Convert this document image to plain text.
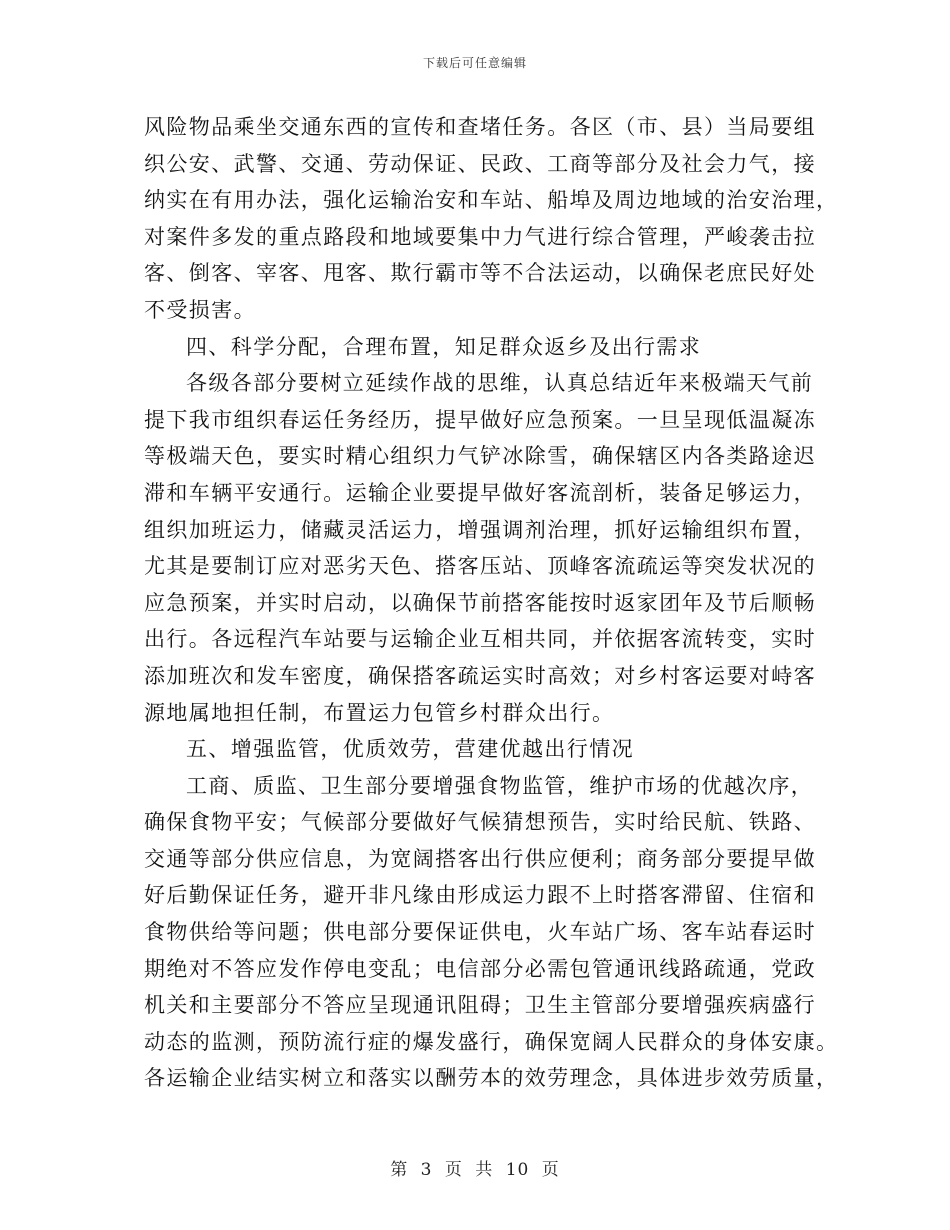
下载后可任意编辑
风险物品乘坐交通东西的宣传和查堵任务。各区（市、县）当局要组
织公安、武警、交通、劳动保证、民政、工商等部分及社会力气，接
纳实在有用办法，强化运输治安和车站、船埠及周边地域的治安治理，
对案件多发的重点路段和地域要集中力气进行综合管理，严峻袭击拉
客、倒客、宰客、甩客、欺行霸市等不合法运动，以确保老庶民好处
不受损害。
四、科学分配，合理布置，知足群众返乡及出行需求
各级各部分要树立延续作战的思维，认真总结近年来极端天气前
提下我市组织春运任务经历，提早做好应急预案。一旦呈现低温凝冻
等极端天色，要实时精心组织力气铲冰除雪，确保辖区内各类路途迟
滞和车辆平安通行。运输企业要提早做好客流剖析，装备足够运力，
组织加班运力，储藏灵活运力，增强调剂治理，抓好运输组织布置，
尤其是要制订应对恶劣天色、搭客压站、顶峰客流疏运等突发状况的
应急预案，并实时启动，以确保节前搭客能按时返家团年及节后顺畅
出行。各远程汽车站要与运输企业互相共同，并依据客流转变，实时
添加班次和发车密度，确保搭客疏运实时高效；对乡村客运要对峙客
源地属地担任制，布置运力包管乡村群众出行。
五、增强监管，优质效劳，营建优越出行情况
工商、质监、卫生部分要增强食物监管，维护市场的优越次序，
确保食物平安；气候部分要做好气候猜想预告，实时给民航、铁路、
交通等部分供应信息，为宽阔搭客出行供应便利；商务部分要提早做
好后勤保证任务，避开非凡缘由形成运力跟不上时搭客滞留、住宿和
食物供给等问题；供电部分要保证供电，火车站广场、客车站春运时
期绝对不答应发作停电变乱；电信部分必需包管通讯线路疏通，党政
机关和主要部分不答应呈现通讯阻碍；卫生主管部分要增强疾病盛行
动态的监测，预防流行症的爆发盛行，确保宽阔人民群众的身体安康。
各运输企业结实树立和落实以酬劳本的效劳理念，具体进步效劳质量，
第 3 页 共 10 页
